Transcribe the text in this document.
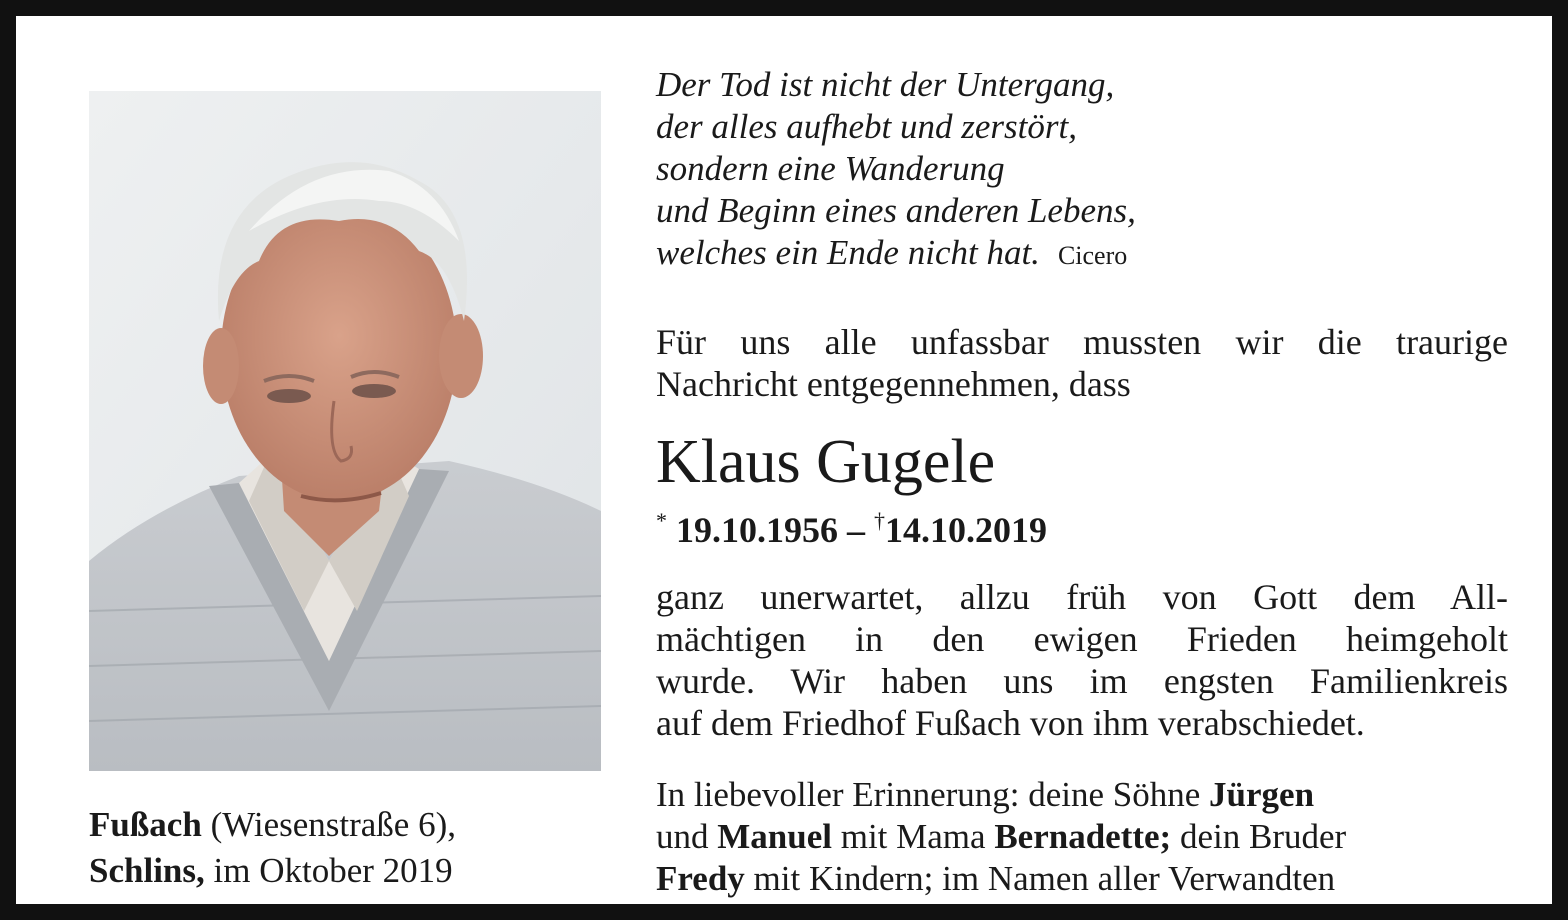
Fußach (Wiesenstraße 6),
Schlins, im Oktober 2019
Der Tod ist nicht der Untergang,
der alles aufhebt und zerstört,
sondern eine Wanderung
und Beginn eines anderen Lebens,
welches ein Ende nicht hat. Cicero
Für uns alle unfassbar mussten wir die traurige
Nachricht entgegennehmen, dass
Klaus Gugele
* 19.10.1956 – †14.10.2019
ganz unerwartet, allzu früh von Gott dem All-
mächtigen in den ewigen Frieden heimgeholt
wurde. Wir haben uns im engsten Familienkreis
auf dem Friedhof Fußach von ihm verabschiedet.
In liebevoller Erinnerung: deine Söhne Jürgen
und Manuel mit Mama Bernadette; dein Bruder
Fredy mit Kindern; im Namen aller Verwandten
